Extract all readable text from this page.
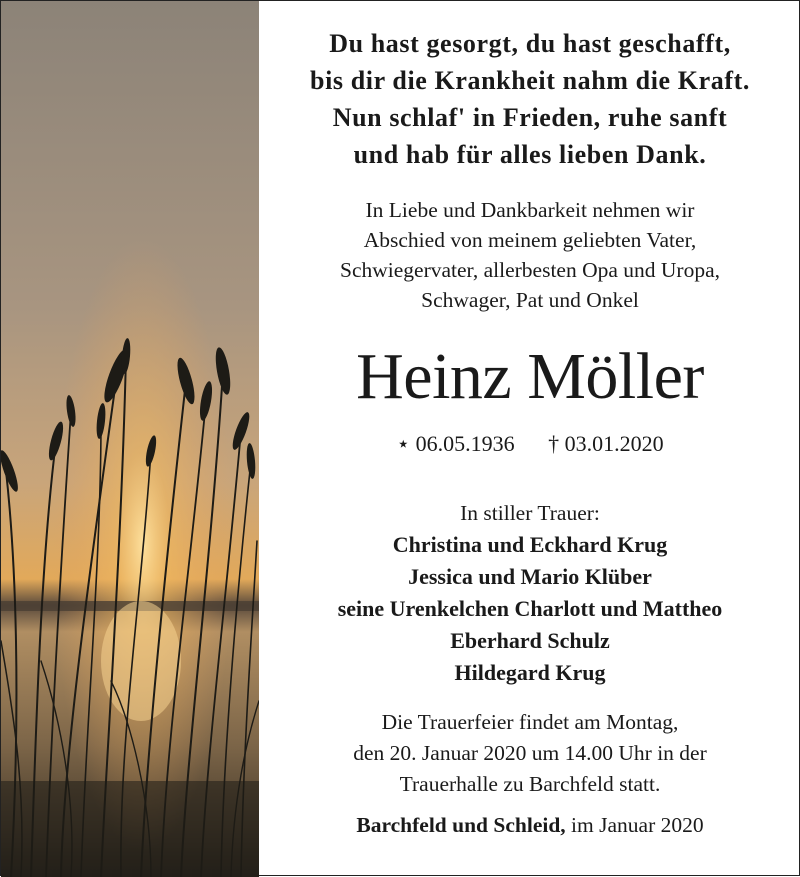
Du hast gesorgt, du hast geschafft,
bis dir die Krankheit nahm die Kraft.
Nun schlaf' in Frieden, ruhe sanft
und hab für alles lieben Dank.
In Liebe und Dankbarkeit nehmen wir
Abschied von meinem geliebten Vater,
Schwiegervater, allerbesten Opa und Uropa,
Schwager, Pat und Onkel
Heinz Möller
⋆ 06.05.1936 † 03.01.2020
In stiller Trauer:
Christina und Eckhard Krug
Jessica und Mario Klüber
seine Urenkelchen Charlott und Mattheo
Eberhard Schulz
Hildegard Krug
Die Trauerfeier findet am Montag,
den 20. Januar 2020 um 14.00 Uhr in der
Trauerhalle zu Barchfeld statt.
Barchfeld und Schleid, im Januar 2020
